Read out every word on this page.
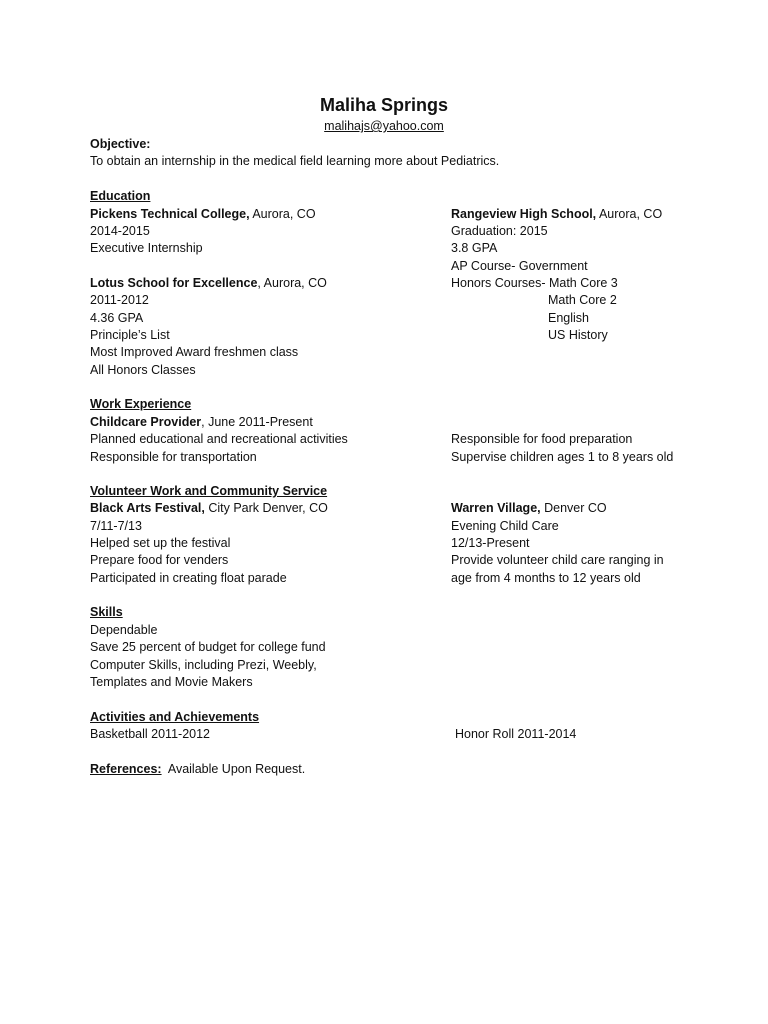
Maliha Springs
malihajs@yahoo.com
Objective:
To obtain an internship in the medical field learning more about Pediatrics.
Education
Pickens Technical College, Aurora, CO
2014-2015
Executive Internship
Lotus School for Excellence, Aurora, CO
2011-2012
4.36 GPA
Principle’s List
Most Improved Award freshmen class
All Honors Classes
Rangeview High School, Aurora, CO
Graduation: 2015
3.8 GPA
AP Course- Government
Honors Courses- Math Core 3
Math Core 2
English
US History
Work Experience
Childcare Provider, June 2011-Present
Planned educational and recreational activities
Responsible for transportation
Responsible for food preparation
Supervise children ages 1 to 8 years old
Volunteer Work and Community Service
Black Arts Festival, City Park Denver, CO
7/11-7/13
Helped set up the festival
Prepare food for venders
Participated in creating float parade
Warren Village, Denver CO
Evening Child Care
12/13-Present
Provide volunteer child care ranging in
age from 4 months to 12 years old
Skills
Dependable
Save 25 percent of budget for college fund
Computer Skills, including Prezi, Weebly,
Templates and Movie Makers
Activities and Achievements
Basketball 2011-2012	Honor Roll 2011-2014
References:  Available Upon Request.
